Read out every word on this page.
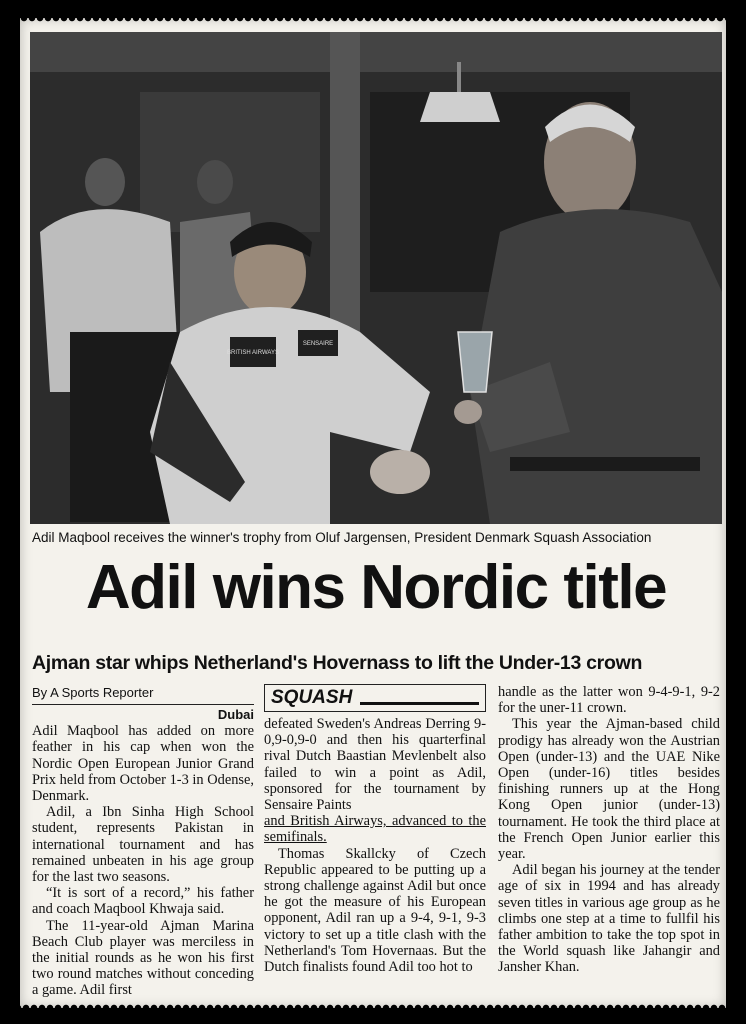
BRITISH AIRWAYS
SENSAIRE
Adil Maqbool receives the winner's trophy from Oluf Jargensen, President Denmark Squash Association
Adil wins Nordic title
Ajman star whips Netherland's Hovernass to lift the Under-13 crown
By A Sports Reporter
Dubai

Adil Maqbool has added on more feather in his cap when won the Nordic Open European Junior Grand Prix held from October 1-3 in Odense, Denmark.

Adil, a Ibn Sinha High School student, represents Pakistan in international tournament and has remained unbeaten in his age group for the last two seasons.

“It is sort of a record,” his father and coach Maqbool Khwaja said.

The 11-year-old Ajman Marina Beach Club player was merciless in the initial rounds as he won his first two round matches without conceding a game. Adil first

SQUASH

defeated Sweden's Andreas Derring 9-0,9-0,9-0 and then his quarterfinal rival Dutch Baastian Mevlenbelt also failed to win a point as Adil, sponsored for the tournament by Sensaire Paints

and British Airways, advanced to the semifinals.

Thomas Skallcky of Czech Republic appeared to be putting up a strong challenge against Adil but once he got the measure of his European opponent, Adil ran up a 9-4, 9-1, 9-3 victory to set up a title clash with the Netherland's Tom Hovernaas. But the Dutch finalists found Adil too hot to

handle as the latter won 9-4-9-1, 9-2 for the uner-11 crown.

This year the Ajman-based child prodigy has already won the Austrian Open (under-13) and the UAE Nike Open (under-16) titles besides finishing runners up at the Hong Kong Open junior (under-13) tournament. He took the third place at the French Open Junior earlier this year.

Adil began his journey at the tender age of six in 1994 and has already seven titles in various age group as he climbs one step at a time to fullfil his father ambition to take the top spot in the World squash like Jahangir and Jansher Khan.
